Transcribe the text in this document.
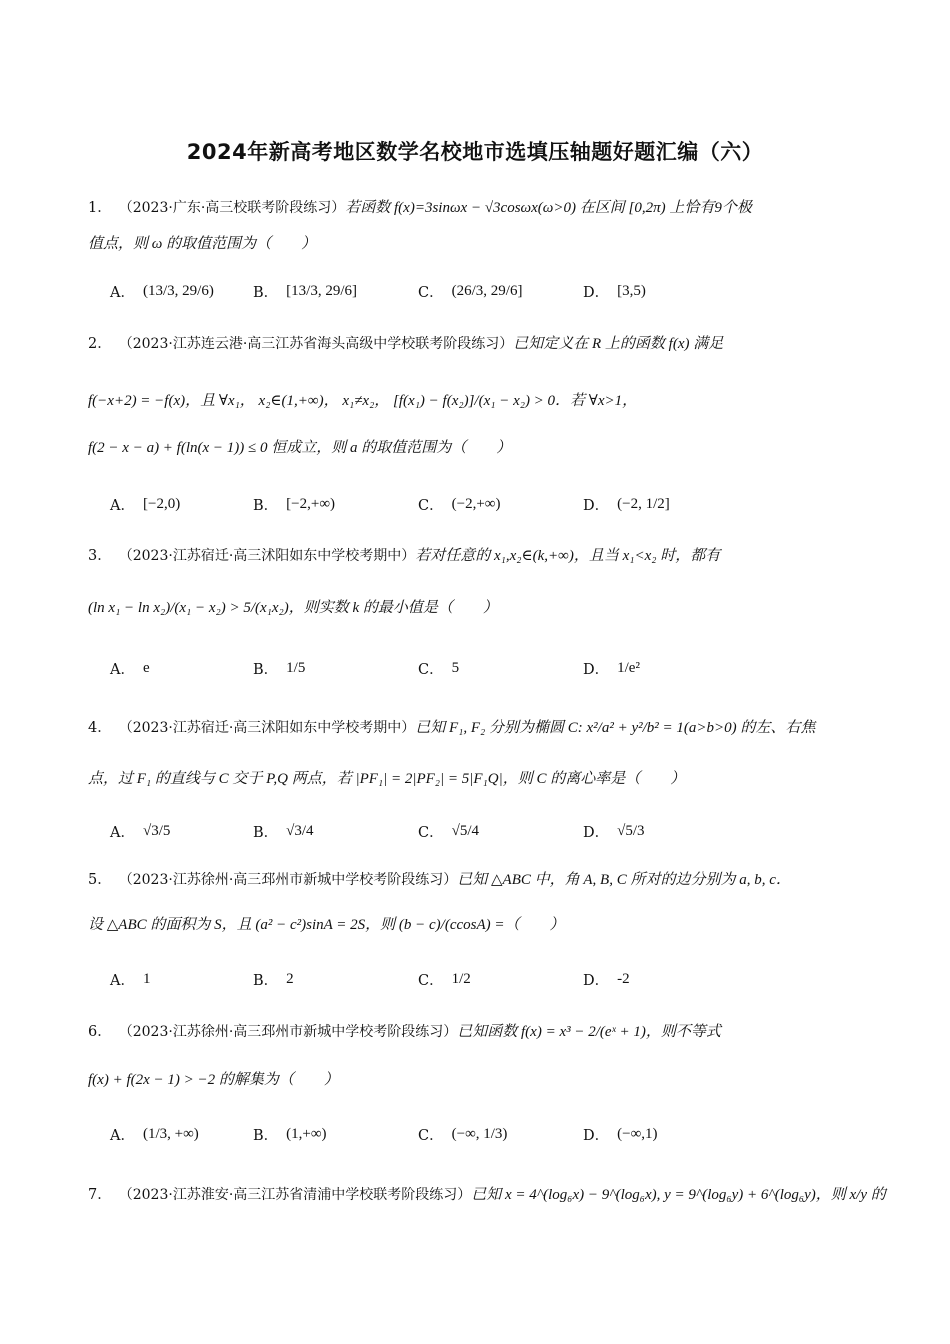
2024年新高考地区数学名校地市选填压轴题好题汇编（六）
1． （2023·广东·高三校联考阶段练习）若函数 f(x)=3sinωx − √3cosωx(ω>0) 在区间 [0,2π) 上恰有9个极
值点，则 ω 的取值范围为（　　）
A． (13/3, 29/6)	B． [13/3, 29/6]	C． (26/3, 29/6]	D． [3,5)
2． （2023·江苏连云港·高三江苏省海头高级中学校联考阶段练习）已知定义在 R 上的函数 f(x) 满足
f(−x+2) = −f(x)，且 ∀x₁， x₂∈(1,+∞)， x₁≠x₂， [f(x₁) − f(x₂)]/(x₁ − x₂) > 0．若 ∀x>1，
f(2 − x − a) + f(ln(x − 1)) ≤ 0 恒成立，则 a 的取值范围为（　　）
A． [−2,0)	B． [−2,+∞)	C． (−2,+∞)	D． (−2, 1/2]
3． （2023·江苏宿迁·高三沭阳如东中学校考期中）若对任意的 x₁,x₂∈(k,+∞)，且当 x₁<x₂ 时，都有
(ln x₁ − ln x₂)/(x₁ − x₂) > 5/(x₁x₂)，则实数 k 的最小值是（　　）
A． e	B． 1/5	C． 5	D． 1/e²
4． （2023·江苏宿迁·高三沭阳如东中学校考期中）已知 F₁, F₂ 分别为椭圆 C: x²/a² + y²/b² = 1(a>b>0) 的左、右焦
点，过 F₁ 的直线与 C 交于 P,Q 两点，若 |PF₁| = 2|PF₂| = 5|F₁Q|，则 C 的离心率是（　　）
A． √3/5	B． √3/4	C． √5/4	D． √5/3
5． （2023·江苏徐州·高三邳州市新城中学校考阶段练习）已知 △ABC 中，角 A, B, C 所对的边分别为 a, b, c．
设 △ABC 的面积为 S，且 (a² − c²)sinA = 2S，则 (b − c)/(ccosA) =（　　）
A． 1	B． 2	C． 1/2	D． -2
6． （2023·江苏徐州·高三邳州市新城中学校考阶段练习）已知函数 f(x) = x³ − 2/(eˣ + 1)，则不等式
f(x) + f(2x − 1) > −2 的解集为（　　）
A． (1/3, +∞)	B． (1,+∞)	C． (−∞, 1/3)	D． (−∞,1)
7． （2023·江苏淮安·高三江苏省清浦中学校联考阶段练习）已知 x = 4^(log₆x) − 9^(log₆x), y = 9^(log₆y) + 6^(log₆y)，则 x/y 的
